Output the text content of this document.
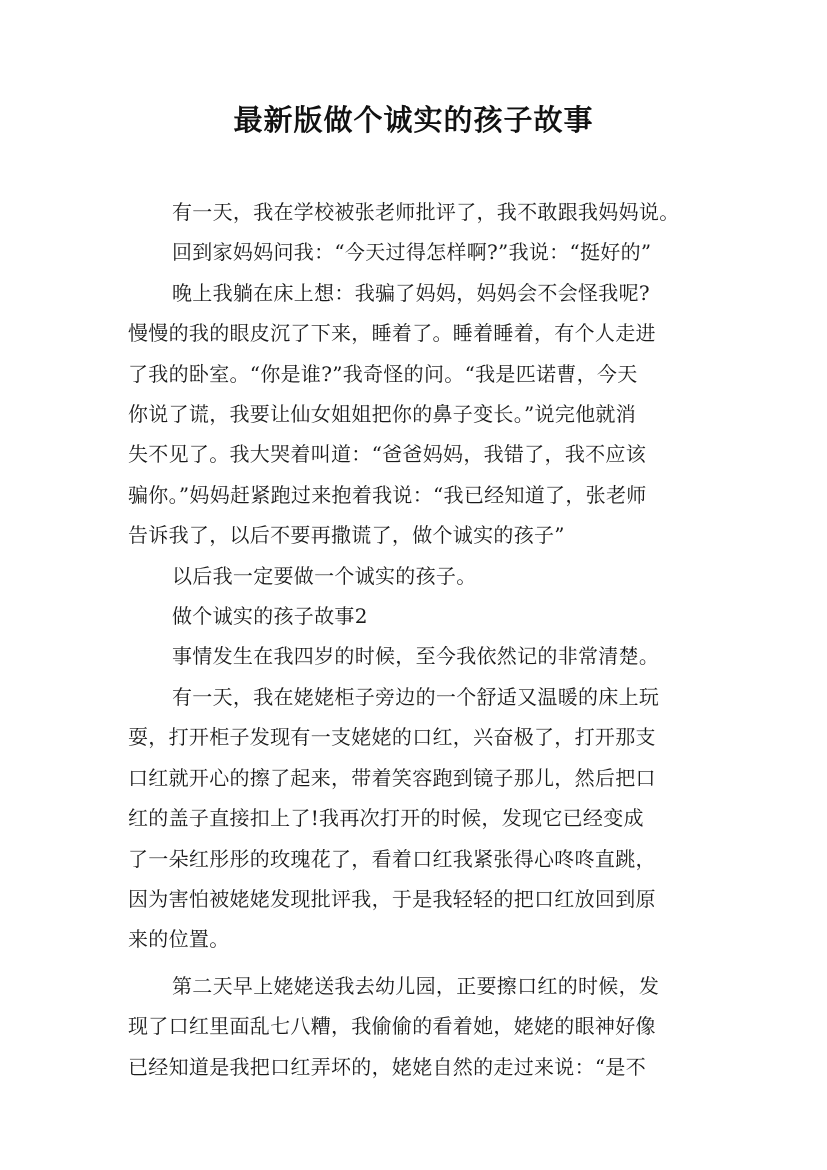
最新版做个诚实的孩子故事

有一天，我在学校被张老师批评了，我不敢跟我妈妈说。

回到家妈妈问我：“今天过得怎样啊?”我说：“挺好的”

晚上我躺在床上想：我骗了妈妈，妈妈会不会怪我呢?
慢慢的我的眼皮沉了下来，睡着了。睡着睡着，有个人走进
了我的卧室。“你是谁?”我奇怪的问。“我是匹诺曹，今天
你说了谎，我要让仙女姐姐把你的鼻子变长。”说完他就消
失不见了。我大哭着叫道：“爸爸妈妈，我错了，我不应该
骗你。”妈妈赶紧跑过来抱着我说：“我已经知道了，张老师
告诉我了，以后不要再撒谎了，做个诚实的孩子”

以后我一定要做一个诚实的孩子。

做个诚实的孩子故事2

事情发生在我四岁的时候，至今我依然记的非常清楚。

有一天，我在姥姥柜子旁边的一个舒适又温暖的床上玩
耍，打开柜子发现有一支姥姥的口红，兴奋极了，打开那支
口红就开心的擦了起来，带着笑容跑到镜子那儿，然后把口
红的盖子直接扣上了!我再次打开的时候，发现它已经变成
了一朵红彤彤的玫瑰花了，看着口红我紧张得心咚咚直跳，
因为害怕被姥姥发现批评我，于是我轻轻的把口红放回到原
来的位置。

第二天早上姥姥送我去幼儿园，正要擦口红的时候，发
现了口红里面乱七八糟，我偷偷的看着她，姥姥的眼神好像
已经知道是我把口红弄坏的，姥姥自然的走过来说：“是不
